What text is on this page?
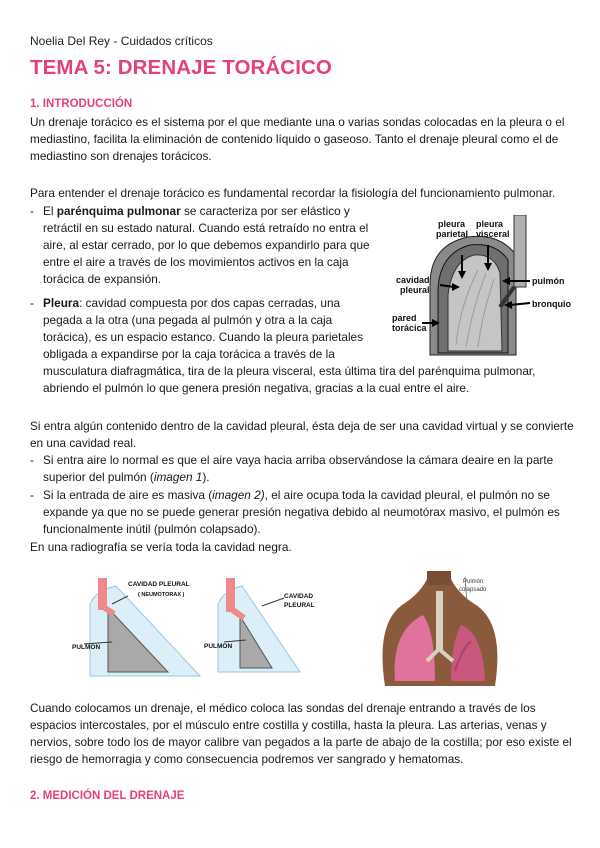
Noelia Del Rey - Cuidados críticos
TEMA 5: DRENAJE TORÁCICO
1. INTRODUCCIÓN

Un drenaje torácico es el sistema por el que mediante una o varias sondas colocadas en la pleura o el mediastino, facilita la eliminación de contenido líquido o gaseoso. Tanto el drenaje pleural como el de mediastino son drenajes torácicos.

Para entender el drenaje torácico es fundamental recordar la fisiología del funcionamiento pulmonar.

- El parénquima pulmonar se caracteriza por ser elástico y retráctil en su estado natural. Cuando está retraído no entra el aire, al estar cerrado, por lo que debemos expandirlo para que entre el aire a través de los movimientos activos en la caja torácica de expansión.

- Pleura: cavidad compuesta por dos capas cerradas, una pegada a la otra (una pegada al pulmón y otra a la caja torácica), es un espacio estanco. Cuando la pleura parietales obligada a expandirse por la caja torácica a través de la

musculatura diafragmática, tira de la pleura visceral, esta última tira del parénquima pulmonar, abriendo el pulmón lo que genera presión negativa, gracias a la cual entre el aire.

pleura
parietal
pleura
visceral
cavidad
pleural
pulmón
bronquio
pared
torácica

Si entra algún contenido dentro de la cavidad pleural, ésta deja de ser una cavidad virtual y se convierte en una cavidad real.

- Si entra aire lo normal es que el aire vaya hacia arriba observándose la cámara deaire en la parte superior del pulmón (imagen 1).

- Si la entrada de aire es masiva (imagen 2), el aire ocupa toda la cavidad pleural, el pulmón no se expande ya que no se puede generar presión negativa debido al neumotórax masivo, el pulmón es funcionalmente inútil (pulmón colapsado).

En una radiografía se vería toda la cavidad negra.

CAVIDAD PLEURAL
( NEUMOTORAX )
PULMON
CAVIDAD
PLEURAL
PULMON
Pulmón
colapsado

Cuando colocamos un drenaje, el médico coloca las sondas del drenaje entrando a través de los espacios intercostales, por el músculo entre costilla y costilla, hasta la pleura. Las arterias, venas y nervios, sobre todo los de mayor calibre van pegados a la parte de abajo de la costilla; por eso existe el riesgo de hemorragia y como consecuencia podremos ver sangrado y hematomas.

2. MEDICIÓN DEL DRENAJE
